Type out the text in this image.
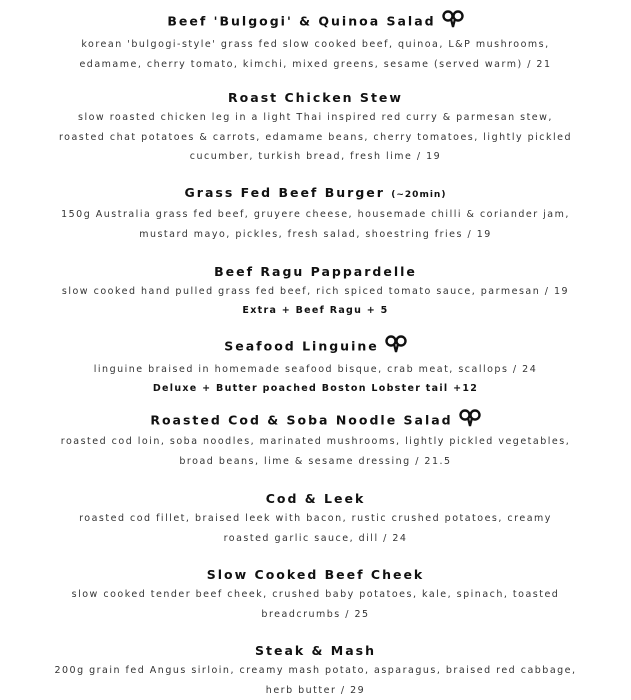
Beef 'Bulgogi' & Quinoa Salad
korean 'bulgogi-style' grass fed slow cooked beef, quinoa, L&P mushrooms,
edamame, cherry tomato, kimchi, mixed greens, sesame (served warm) / 21
Roast Chicken Stew
slow roasted chicken leg in a light Thai inspired red curry & parmesan stew,
roasted chat potatoes & carrots, edamame beans, cherry tomatoes, lightly pickled
cucumber, turkish bread, fresh lime / 19
Grass Fed Beef Burger (~20min)
150g Australia grass fed beef, gruyere cheese, housemade chilli & coriander jam,
mustard mayo, pickles, fresh salad, shoestring fries / 19
Beef Ragu Pappardelle
slow cooked hand pulled grass fed beef, rich spiced tomato sauce, parmesan / 19
Extra + Beef Ragu + 5
Seafood Linguine
linguine braised in homemade seafood bisque, crab meat, scallops / 24
Deluxe + Butter poached Boston Lobster tail +12
Roasted Cod & Soba Noodle Salad
roasted cod loin, soba noodles, marinated mushrooms, lightly pickled vegetables,
broad beans, lime & sesame dressing / 21.5
Cod & Leek
roasted cod fillet, braised leek with bacon, rustic crushed potatoes, creamy
roasted garlic sauce, dill / 24
Slow Cooked Beef Cheek
slow cooked tender beef cheek, crushed baby potatoes, kale, spinach, toasted
breadcrumbs / 25
Steak & Mash
200g grain fed Angus sirloin, creamy mash potato, asparagus, braised red cabbage,
herb butter / 29
